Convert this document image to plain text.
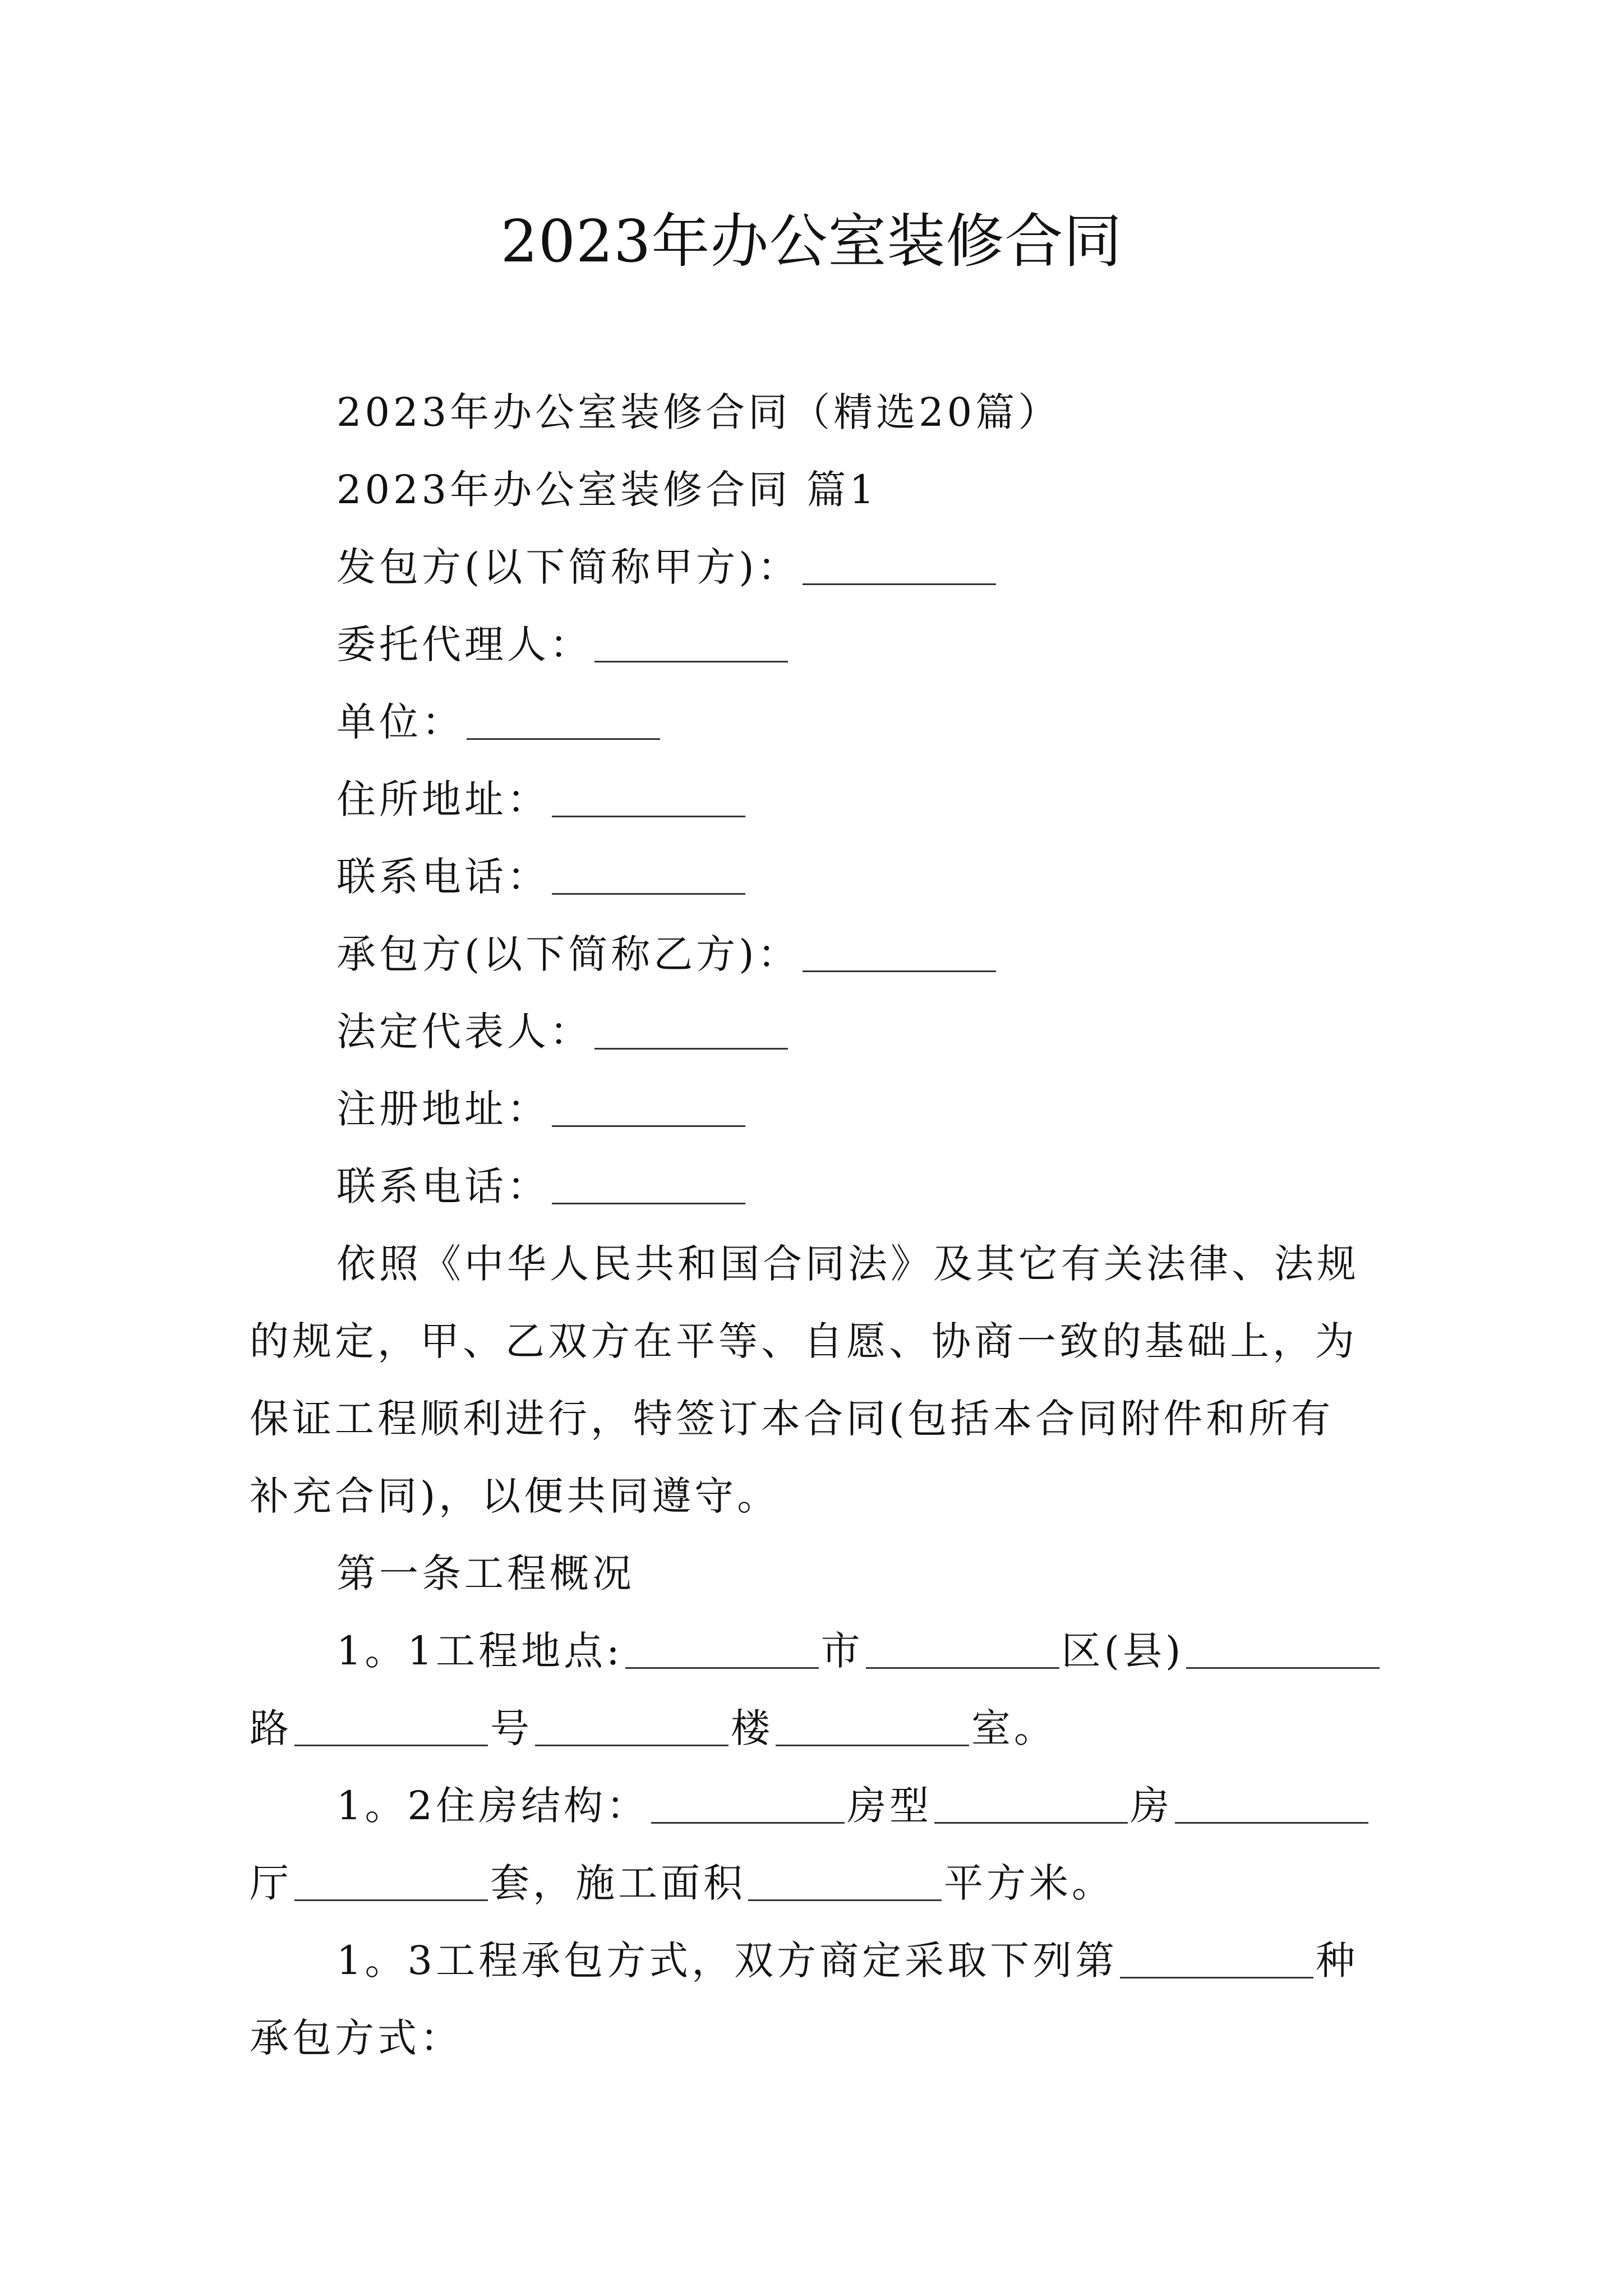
2023年办公室装修合同
2023年办公室装修合同（精选20篇）
2023年办公室装修合同 篇1
发包方(以下简称甲方)：
委托代理人：
单位：
住所地址：
联系电话：
承包方(以下简称乙方)：
法定代表人：
注册地址：
联系电话：
依照《中华人民共和国合同法》及其它有关法律、法规
的规定，甲、乙双方在平等、自愿、协商一致的基础上，为
保证工程顺利进行，特签订本合同(包括本合同附件和所有
补充合同)，以便共同遵守。
第一条工程概况
1。1工程地点:	市	区(县)
路	号	楼	室。
1。2住房结构：	房型	房
厅	套，施工面积	平方米。
1。3工程承包方式，双方商定采取下列第	种
承包方式：
